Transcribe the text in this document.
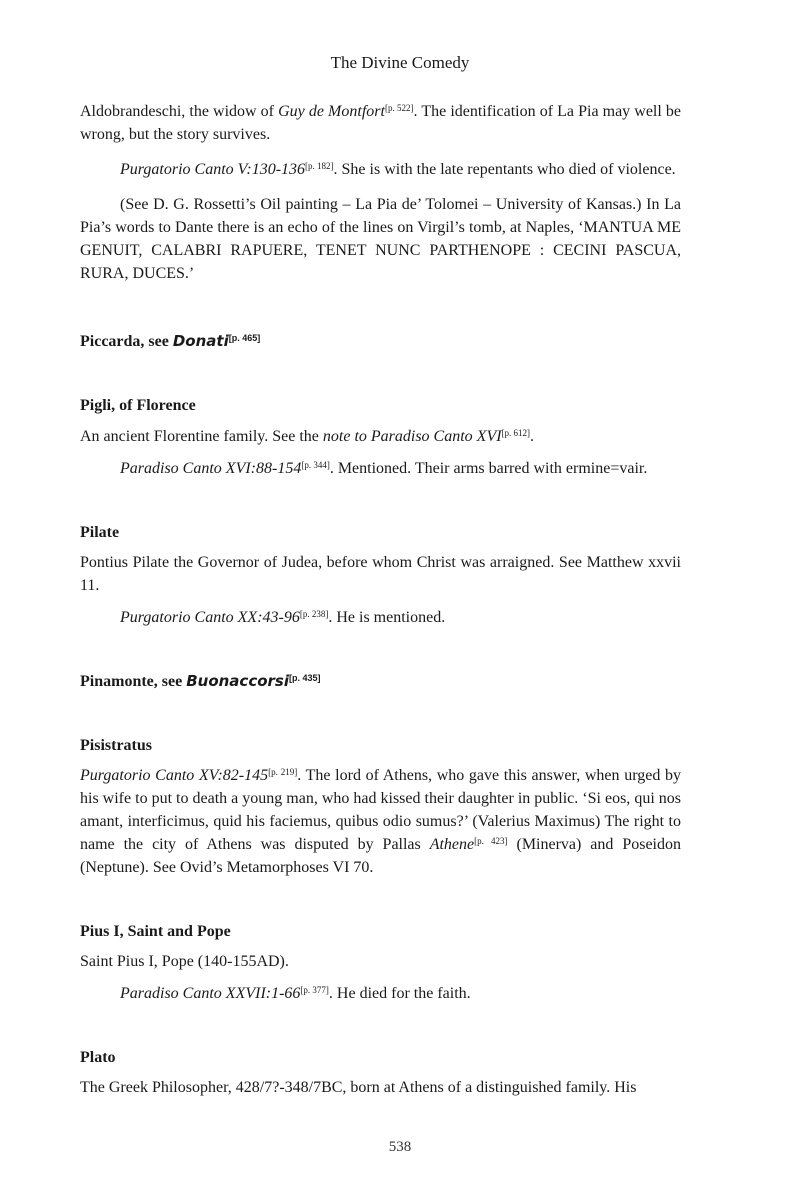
The Divine Comedy

Aldobrandeschi, the widow of Guy de Montfort[p. 522]. The identification of La Pia may well be wrong, but the story survives.

Purgatorio Canto V:130-136[p. 182]. She is with the late repentants who died of violence.

(See D. G. Rossetti’s Oil painting – La Pia de’ Tolomei – University of Kansas.) In La Pia’s words to Dante there is an echo of the lines on Virgil’s tomb, at Naples, ‘MANTUA ME GENUIT, CALABRI RAPUERE, TENET NUNC PARTHENOPE : CECINI PASCUA, RURA, DUCES.’

Piccarda, see Donati[p. 465]

Pigli, of Florence

An ancient Florentine family. See the note to Paradiso Canto XVI[p. 612].

Paradiso Canto XVI:88-154[p. 344]. Mentioned. Their arms barred with ermine=vair.

Pilate

Pontius Pilate the Governor of Judea, before whom Christ was arraigned. See Matthew xxvii 11.

Purgatorio Canto XX:43-96[p. 238]. He is mentioned.

Pinamonte, see Buonaccorsi[p. 435]

Pisistratus

Purgatorio Canto XV:82-145[p. 219]. The lord of Athens, who gave this answer, when urged by his wife to put to death a young man, who had kissed their daughter in public. ‘Si eos, qui nos amant, interficimus, quid his faciemus, quibus odio sumus?’ (Valerius Maximus) The right to name the city of Athens was disputed by Pallas Athene[p. 423] (Minerva) and Poseidon (Neptune). See Ovid’s Metamorphoses VI 70.

Pius I, Saint and Pope

Saint Pius I, Pope (140-155AD).

Paradiso Canto XXVII:1-66[p. 377]. He died for the faith.

Plato

The Greek Philosopher, 428/7?-348/7BC, born at Athens of a distinguished family. His

538
